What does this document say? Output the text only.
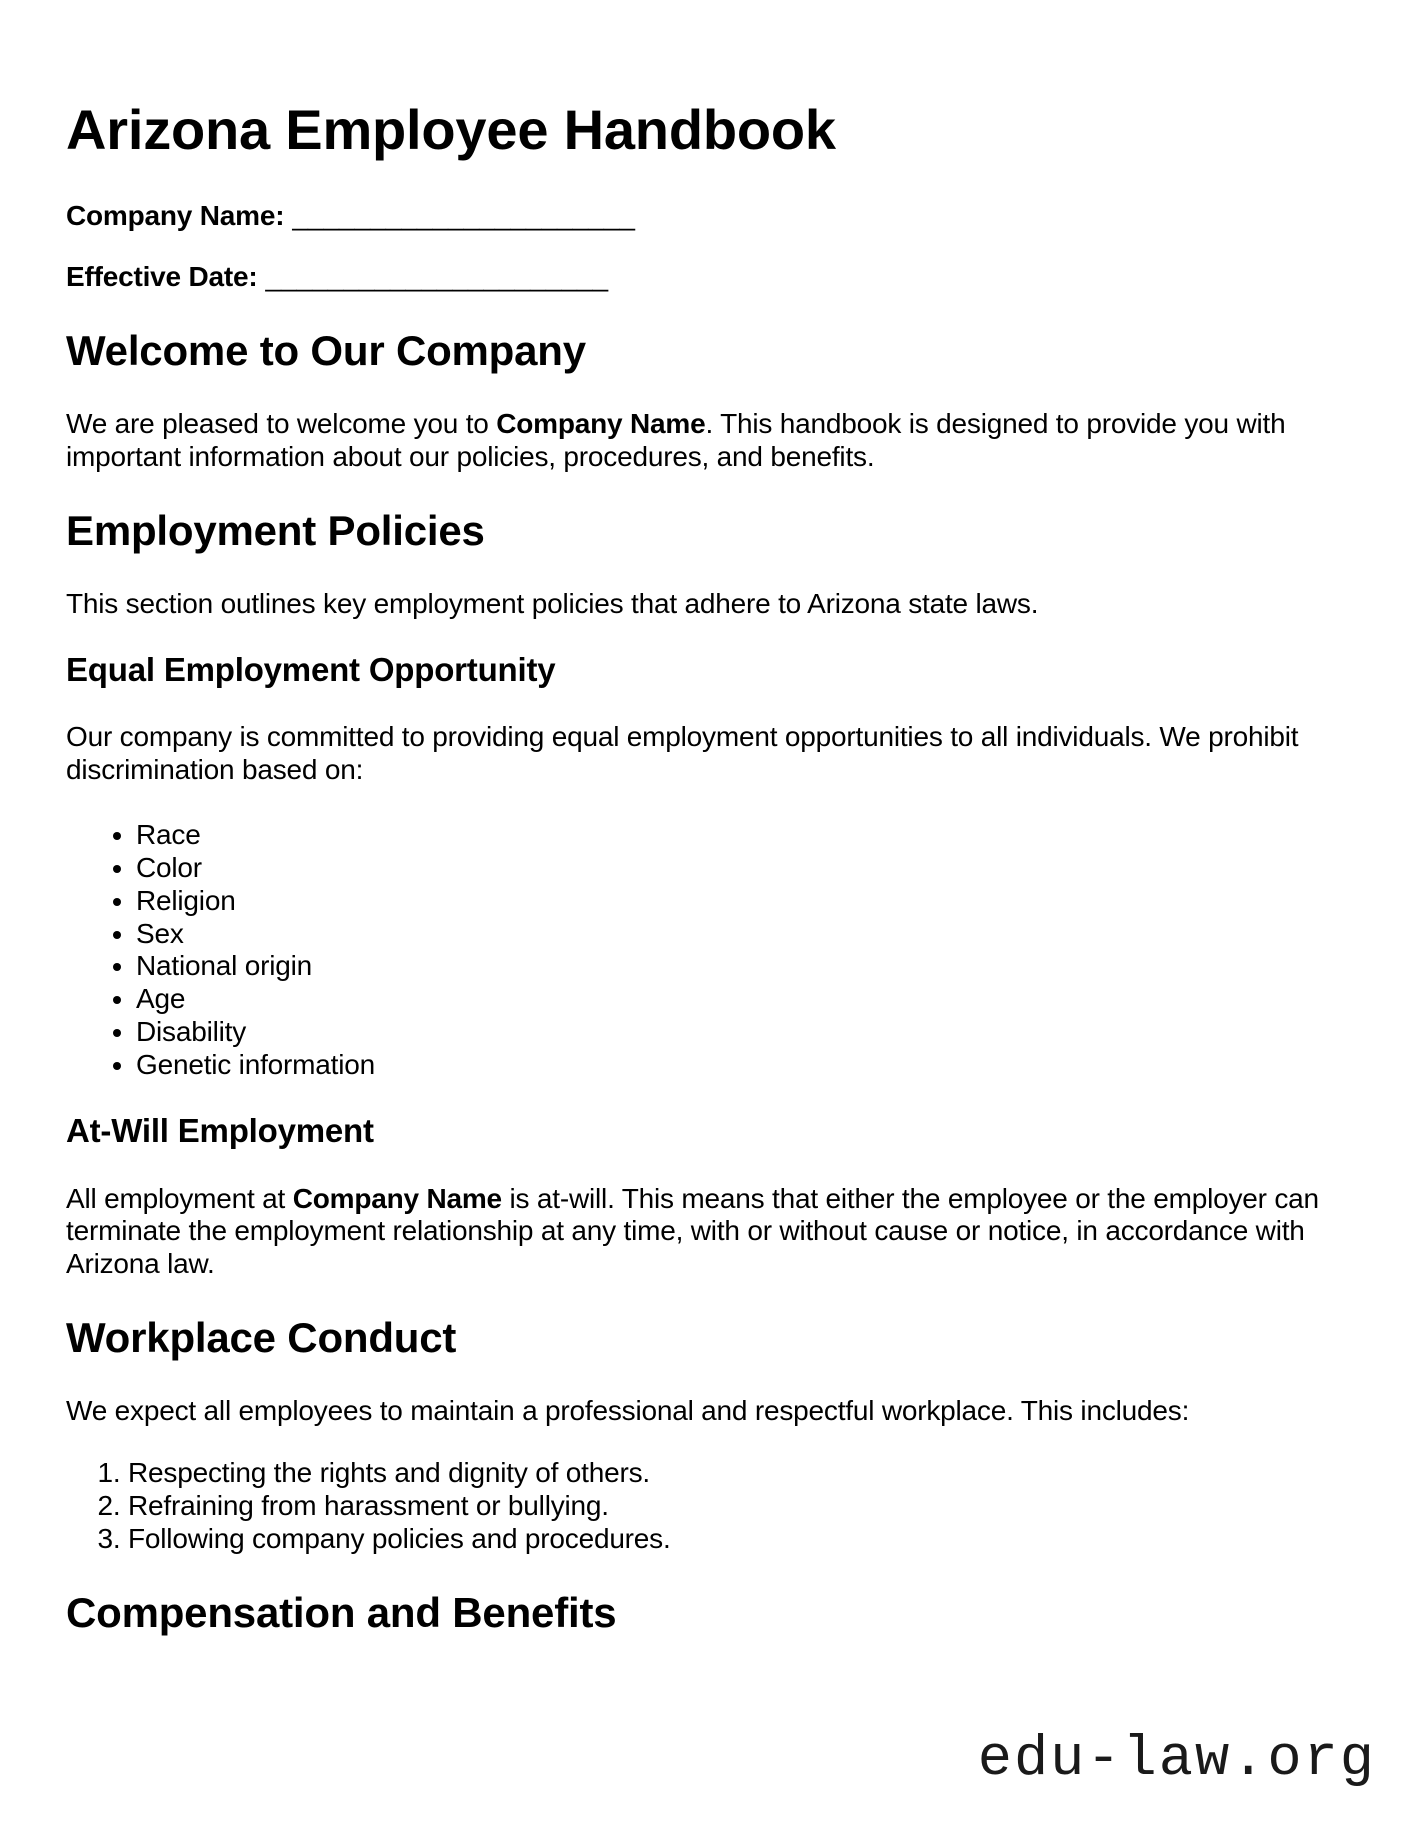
Arizona Employee Handbook
Company Name: ______________________
Effective Date: ______________________
Welcome to Our Company

We are pleased to welcome you to Company Name. This handbook is designed to provide you with important information about our policies, procedures, and benefits.

Employment Policies

This section outlines key employment policies that adhere to Arizona state laws.

Equal Employment Opportunity

Our company is committed to providing equal employment opportunities to all individuals. We prohibit discrimination based on:

• Race
• Color
• Religion
• Sex
• National origin
• Age
• Disability
• Genetic information
At-Will Employment

All employment at Company Name is at-will. This means that either the employee or the employer can terminate the employment relationship at any time, with or without cause or notice, in accordance with Arizona law.

Workplace Conduct

We expect all employees to maintain a professional and respectful workplace. This includes:

1. Respecting the rights and dignity of others.
2. Refraining from harassment or bullying.
3. Following company policies and procedures.
Compensation and Benefits
edu-law.org
